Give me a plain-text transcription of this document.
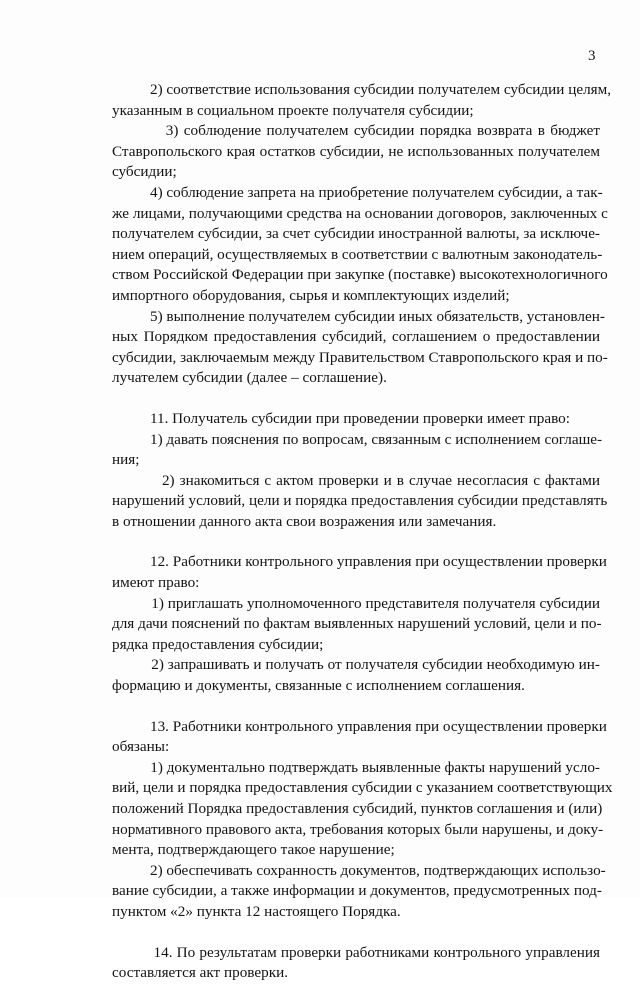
3
2) соответствие использования субсидии получателем субсидии целям,
указанным в социальном проекте получателя субсидии;
3) соблюдение получателем субсидии порядка возврата в бюджет
Ставропольского края остатков субсидии, не использованных получателем
субсидии;
4) соблюдение запрета на приобретение получателем субсидии, а так-
же лицами, получающими средства на основании договоров, заключенных с
получателем субсидии, за счет субсидии иностранной валюты, за исключе-
нием операций, осуществляемых в соответствии с валютным законодатель-
ством Российской Федерации при закупке (поставке) высокотехнологичного
импортного оборудования, сырья и комплектующих изделий;
5) выполнение получателем субсидии иных обязательств, установлен-
ных Порядком предоставления субсидий, соглашением о предоставлении
субсидии, заключаемым между Правительством Ставропольского края и по-
лучателем субсидии (далее – соглашение).
11. Получатель субсидии при проведении проверки имеет право:
1) давать пояснения по вопросам, связанным с исполнением соглаше-
ния;
2) знакомиться с актом проверки и в случае несогласия с фактами
нарушений условий, цели и порядка предоставления субсидии представлять
в отношении данного акта свои возражения или замечания.
12. Работники контрольного управления при осуществлении проверки
имеют право:
1) приглашать уполномоченного представителя получателя субсидии
для дачи пояснений по фактам выявленных нарушений условий, цели и по-
рядка предоставления субсидии;
2) запрашивать и получать от получателя субсидии необходимую ин-
формацию и документы, связанные с исполнением соглашения.
13. Работники контрольного управления при осуществлении проверки
обязаны:
1) документально подтверждать выявленные факты нарушений усло-
вий, цели и порядка предоставления субсидии с указанием соответствующих
положений Порядка предоставления субсидий, пунктов соглашения и (или)
нормативного правового акта, требования которых были нарушены, и доку-
мента, подтверждающего такое нарушение;
2) обеспечивать сохранность документов, подтверждающих использо-
вание субсидии, а также информации и документов, предусмотренных под-
пунктом «2» пункта 12 настоящего Порядка.
14. По результатам проверки работниками контрольного управления
составляется акт проверки.
